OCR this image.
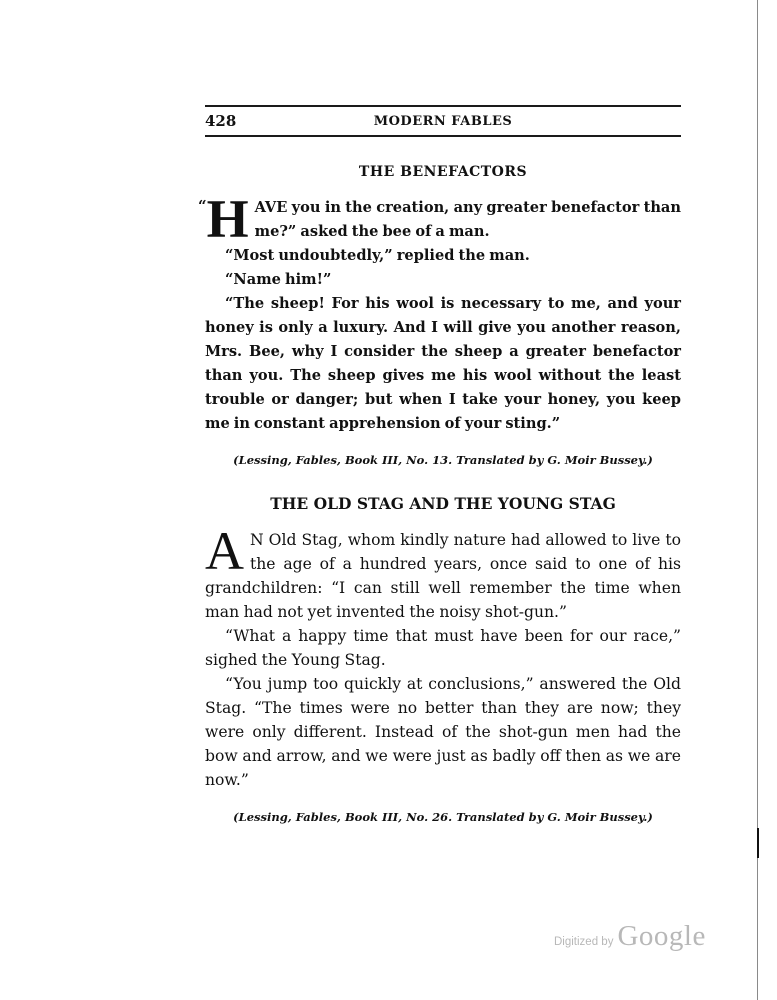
428	MODERN FABLES
THE BENEFACTORS

“ H AVE you in the creation, any greater benefactor than me?” asked the bee of a man.

“Most undoubtedly,” replied the man.

“Name him!”

“The sheep! For his wool is necessary to me, and your honey is only a luxury. And I will give you another reason, Mrs. Bee, why I consider the sheep a greater benefactor than you. The sheep gives me his wool without the least trouble or danger; but when I take your honey, you keep me in constant apprehension of your sting.”

(Lessing, Fables, Book III, No. 13. Translated by G. Moir Bussey.)

THE OLD STAG AND THE YOUNG STAG

A N Old Stag, whom kindly nature had allowed to live to the age of a hundred years, once said to one of his grandchildren: “I can still well remember the time when man had not yet invented the noisy shot-gun.”

“What a happy time that must have been for our race,” sighed the Young Stag.

“You jump too quickly at conclusions,” answered the Old Stag. “The times were no better than they are now; they were only different. Instead of the shot-gun men had the bow and arrow, and we were just as badly off then as we are now.”

(Lessing, Fables, Book III, No. 26. Translated by G. Moir Bussey.)

Digitized by Google
